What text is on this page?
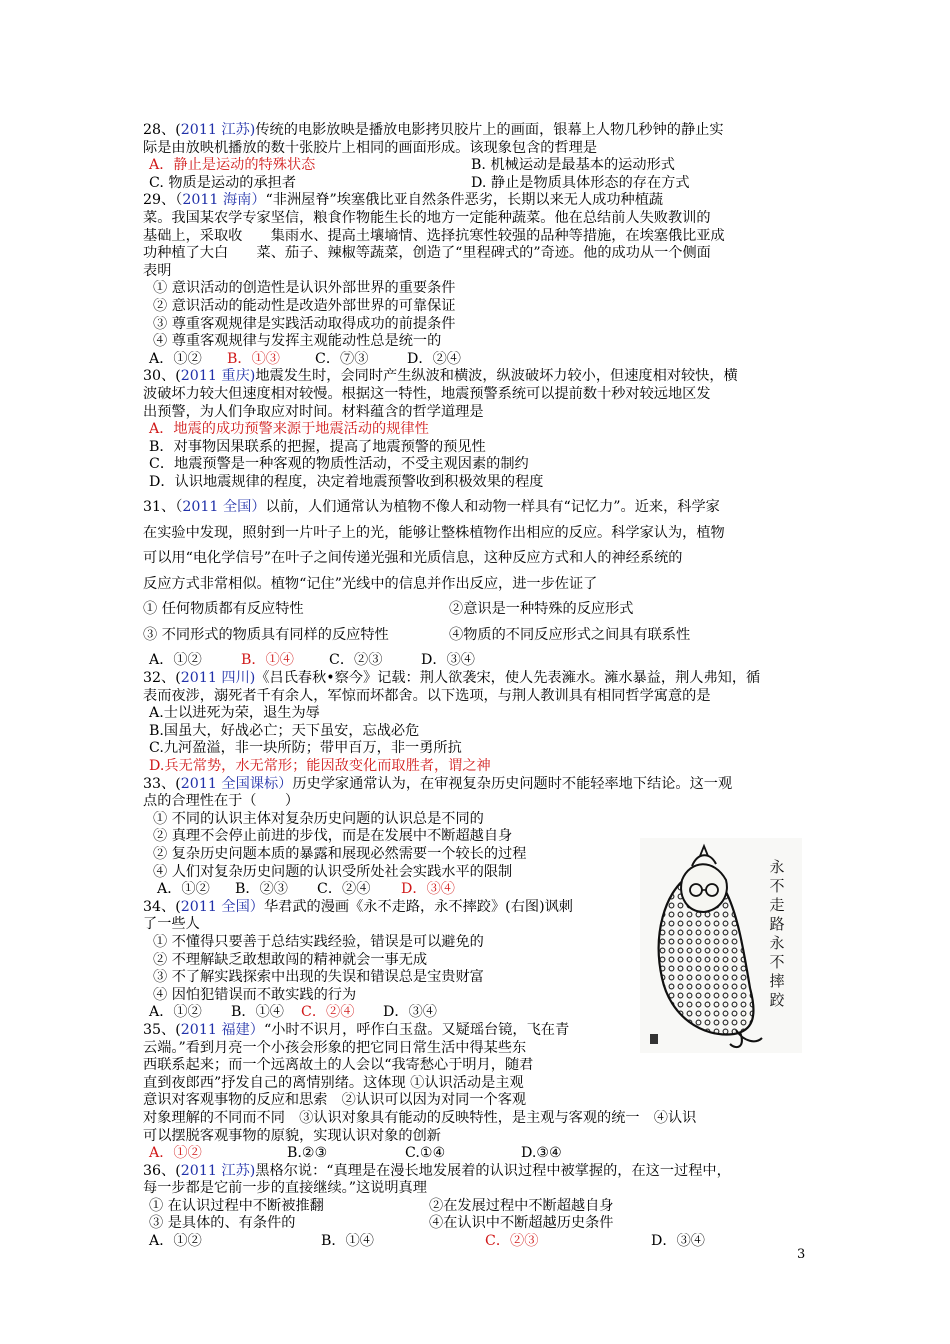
28、(2011 江苏)传统的电影放映是播放电影拷贝胶片上的画面，银幕上人物几秒钟的静止实
际是由放映机播放的数十张胶片上相同的画面形成。该现象包含的哲理是
A．静止是运动的特殊状态	B. 机械运动是最基本的运动形式
C. 物质是运动的承担者	D. 静止是物质具体形态的存在方式
29、（2011 海南）“非洲屋脊”埃塞俄比亚自然条件恶劣，长期以来无人成功种植蔬
菜。我国某农学专家坚信，粮食作物能生长的地方一定能种蔬菜。他在总结前人失败教训的
基础上，采取收　　集雨水、提高土壤墒情、选择抗寒性较强的品种等措施，在埃塞俄比亚成
功种植了大白　　菜、茄子、辣椒等蔬菜，创造了“里程碑式的”奇迹。他的成功从一个侧面
表明
① 意识活动的创造性是认识外部世界的重要条件
② 意识活动的能动性是改造外部世界的可靠保证
③ 尊重客观规律是实践活动取得成功的前提条件
④ 尊重客观规律与发挥主观能动性总是统一的
A．①② B．①③ C．⑦③	D．②④
30、(2011 重庆)地震发生时，会同时产生纵波和横波，纵波破坏力较小，但速度相对较快，横
波破坏力较大但速度相对较慢。根据这一特性，地震预警系统可以提前数十秒对较远地区发
出预警，为人们争取应对时间。材料蕴含的哲学道理是
A．地震的成功预警来源于地震活动的规律性
B．对事物因果联系的把握，提高了地震预警的预见性
C．地震预警是一种客观的物质性活动，不受主观因素的制约
D．认识地震规律的程度，决定着地震预警收到积极效果的程度
31、（2011 全国）以前，人们通常认为植物不像人和动物一样具有“记忆力”。近来，科学家
在实验中发现，照射到一片叶子上的光，能够让整株植物作出相应的反应。科学家认为，植物
可以用“电化学信号”在叶子之间传递光强和光质信息，这种反应方式和人的神经系统的
反应方式非常相似。植物“记住”光线中的信息并作出反应，进一步佐证了
① 任何物质都有反应特性	②意识是一种特殊的反应形式
③ 不同形式的物质具有同样的反应特性	④物质的不同反应形式之间具有联系性
A．①②	B．①④ C．②③	D．③④
32、(2011 四川)《吕氏春秋•察今》记载：荆人欲袭宋，使人先表澭水。澭水暴益，荆人弗知，循
表而夜涉，溺死者千有余人，军惊而坏都舍。以下选项，与荆人教训具有相同哲学寓意的是
A.士以进死为荣，退生为辱
B.国虽大，好战必亡；天下虽安，忘战必危
C.九河盈溢，非一块所防；带甲百万，非一勇所抗
D.兵无常势，水无常形；能因敌变化而取胜者，谓之神
33、(2011 全国课标）历史学家通常认为，在审视复杂历史问题时不能轻率地下结论。这一观
点的合理性在于（　　）
① 不同的认识主体对复杂历史问题的认识总是不同的
② 真理不会停止前进的步伐，而是在发展中不断超越自身
② 复杂历史问题本质的暴露和展现必然需要一个较长的过程
④ 人们对复杂历史问题的认识受所处社会实践水平的限制
A．①② B．②③ C．②④ D．③④
34、(2011 全国）华君武的漫画《永不走路，永不摔跤》(右图)讽刺
了一些人
① 不懂得只要善于总结实践经验，错误是可以避免的
② 不理解缺乏敢想敢闯的精神就会一事无成
③ 不了解实践探索中出现的失误和错误总是宝贵财富
④ 因怕犯错误而不敢实践的行为
A．①② B．①④ C．②④ D．③④
35、(2011 福建）“小时不识月，呼作白玉盘。又疑瑶台镜，飞在青
云端。”看到月亮一个小孩会形象的把它同日常生活中得某些东
西联系起来；而一个远离故土的人会以“我寄愁心于明月，随君
直到夜郎西”抒发自己的离情别绪。这体现 ①认识活动是主观
意识对客观事物的反应和思索　②认识可以因为对同一个客观
对象理解的不同而不同　③认识对象具有能动的反映特性，是主观与客观的统一　④认识
可以摆脱客观事物的原貌，实现认识对象的创新
A．①②	B.②③	C.①④	D.③④
36、(2011 江苏)黑格尔说：“真理是在漫长地发展着的认识过程中被掌握的，在这一过程中，
每一步都是它前一步的直接继续。”这说明真理
① 在认识过程中不断被推翻	②在发展过程中不断超越自身
③ 是具体的、有条件的	④在认识中不断超越历史条件
A．①②	B．①④	C．②③	D．③④
永
不
走
路
永
不
摔
跤
3
